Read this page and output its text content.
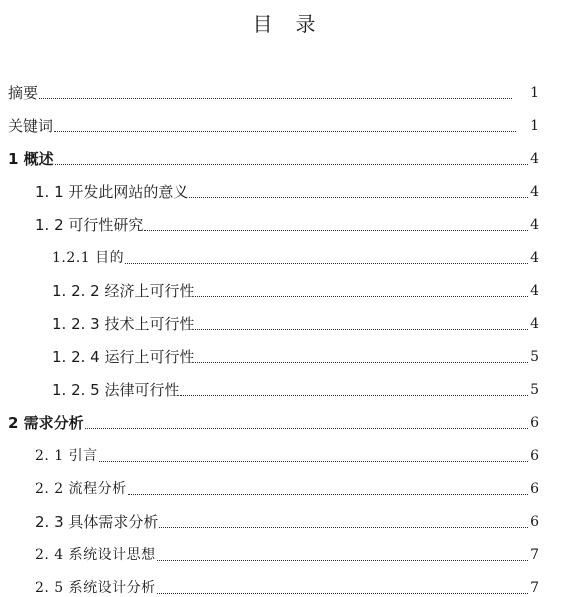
目 录
摘要	1
关键词	1
1 概述	4
1. 1 开发此网站的意义	4
1. 2 可行性研究	4
1.2.1 目的	4
1. 2. 2 经济上可行性	4
1. 2. 3 技术上可行性	4
1. 2. 4 运行上可行性	5
1. 2. 5 法律可行性	5
2 需求分析	6
2. 1 引言	6
2. 2 流程分析	6
2. 3 具体需求分析	6
2. 4 系统设计思想	7
2. 5 系统设计分析	7
